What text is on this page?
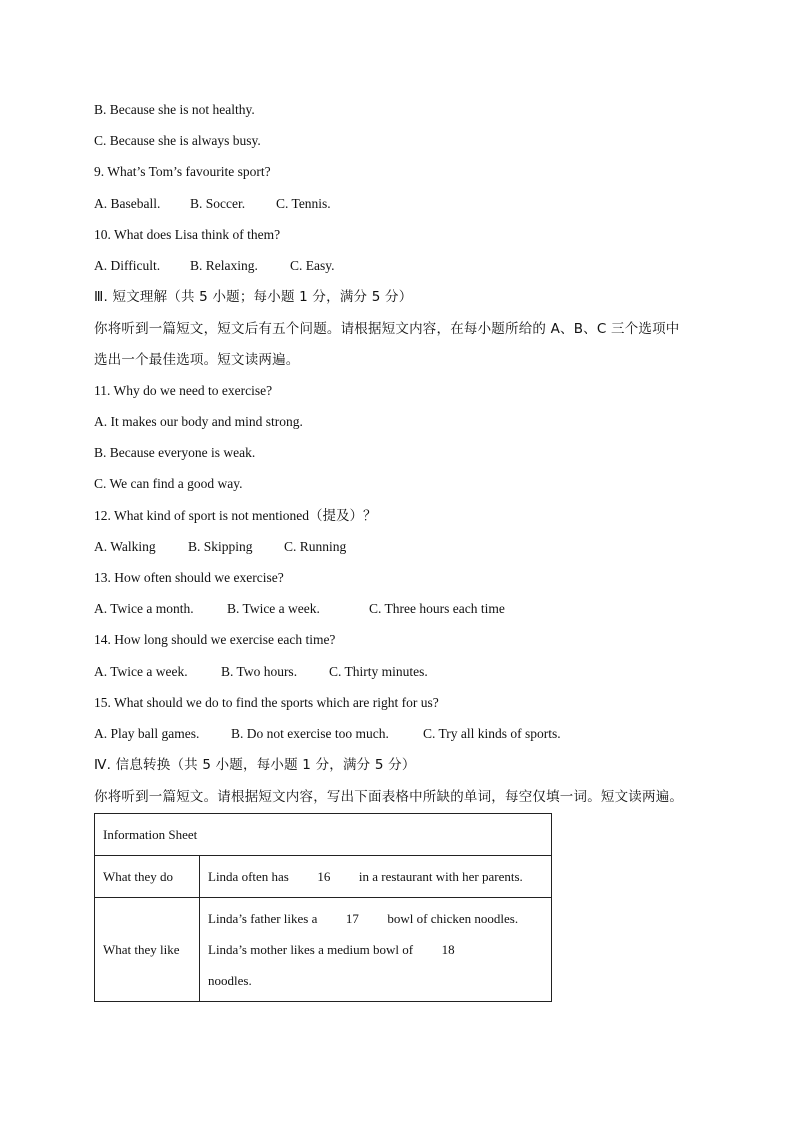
B. Because she is not healthy.
C. Because she is always busy.
9. What’s Tom’s favourite sport?
A. Baseball. B. Soccer. C. Tennis.
10. What does Lisa think of them?
A. Difficult. B. Relaxing. C. Easy.
Ⅲ. 短文理解（共 5 小题；每小题 1 分，满分 5 分）
你将听到一篇短文，短文后有五个问题。请根据短文内容，在每小题所给的 A、B、C 三个选项中
选出一个最佳选项。短文读两遍。
11. Why do we need to exercise?
A. It makes our body and mind strong.
B. Because everyone is weak.
C. We can find a good way.
12. What kind of sport is not mentioned（提及）？
A. Walking B. Skipping C. Running
13. How often should we exercise?
A. Twice a month. B. Twice a week.	C. Three hours each time
14. How long should we exercise each time?
A. Twice a week. B. Two hours. C. Thirty minutes.
15. What should we do to find the sports which are right for us?
A. Play ball games. B. Do not exercise too much.	C. Try all kinds of sports.
Ⅳ. 信息转换（共 5 小题，每小题 1 分，满分 5 分）
你将听到一篇短文。请根据短文内容，写出下面表格中所缺的单词，每空仅填一词。短文读两遍。
Information Sheet	
What they do	Linda often has 16 in a restaurant with her parents.
What they like	Linda’s father likes a 17 bowl of chicken noodles.
Linda’s mother likes a medium bowl of 18
noodles.
